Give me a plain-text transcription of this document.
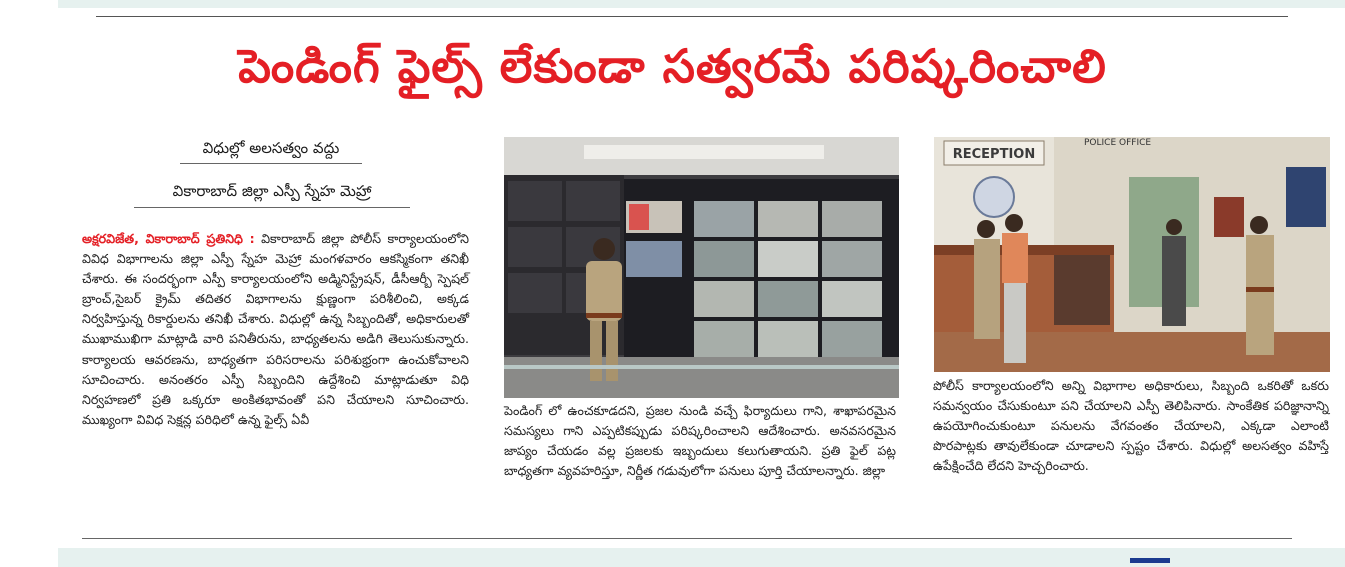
పెండింగ్ ఫైల్స్ లేకుండా సత్వరమే పరిష్కరించాలి
విధుల్లో అలసత్వం వద్దు
వికారాబాద్ జిల్లా ఎస్పీ స్నేహ మెహ్రా
అక్షరవిజేత, వికారాబాద్ ప్రతినిధి : వికారాబాద్ జిల్లా పోలీస్ కార్యాలయంలోని వివిధ విభాగాలను జిల్లా ఎస్పీ స్నేహ మెహ్రా మంగళవారం ఆకస్మికంగా తనిఖీ చేశారు. ఈ సందర్భంగా ఎస్పీ కార్యాలయంలోని అడ్మినిస్ట్రేషన్, డీసీఆర్బీ స్పెషల్ బ్రాంచ్,సైబర్ క్రైమ్ తదితర విభాగాలను క్షుణ్ణంగా పరిశీలించి, అక్కడ నిర్వహిస్తున్న రికార్డులను తనిఖీ చేశారు. విధుల్లో ఉన్న సిబ్బందితో, అధికారులతో ముఖాముఖిగా మాట్లాడి వారి పనితీరును, బాధ్యతలను అడిగి తెలుసుకున్నారు. కార్యాలయ ఆవరణను, బాధ్యతగా పరిసరాలను పరిశుభ్రంగా ఉంచుకోవాలని సూచించారు. అనంతరం ఎస్పీ సిబ్బందిని ఉద్దేశించి మాట్లాడుతూ విధి నిర్వహణలో ప్రతి ఒక్కరూ అంకితభావంతో పని చేయాలని సూచించారు. ముఖ్యంగా వివిధ సెక్షన్ల పరిధిలో ఉన్న ఫైల్స్ ఏవీ
పెండింగ్ లో ఉంచకూడదని, ప్రజల నుండి వచ్చే ఫిర్యాదులు గాని, శాఖాపరమైన సమస్యలు గాని ఎప్పటికప్పుడు పరిష్కరించాలని ఆదేశించారు. అనవసరమైన జాప్యం చేయడం వల్ల ప్రజలకు ఇబ్బందులు కలుగుతాయని. ప్రతి ఫైల్ పట్ల బాధ్యతగా వ్యవహరిస్తూ, నిర్ణీత గడువులోగా పనులు పూర్తి చేయాలన్నారు. జిల్లా
RECEPTION
POLICE OFFICE
పోలీస్ కార్యాలయంలోని అన్ని విభాగాల అధికారులు, సిబ్బంది ఒకరితో ఒకరు సమన్వయం చేసుకుంటూ పని చేయాలని ఎస్పీ తెలిపినారు. సాంకేతిక పరిజ్ఞానాన్ని ఉపయోగించుకుంటూ పనులను వేగవంతం చేయాలని, ఎక్కడా ఎలాంటి పొరపాట్లకు తావులేకుండా చూడాలని స్పష్టం చేశారు. విధుల్లో అలసత్వం వహిస్తే ఉపేక్షించేది లేదని హెచ్చరించారు.
